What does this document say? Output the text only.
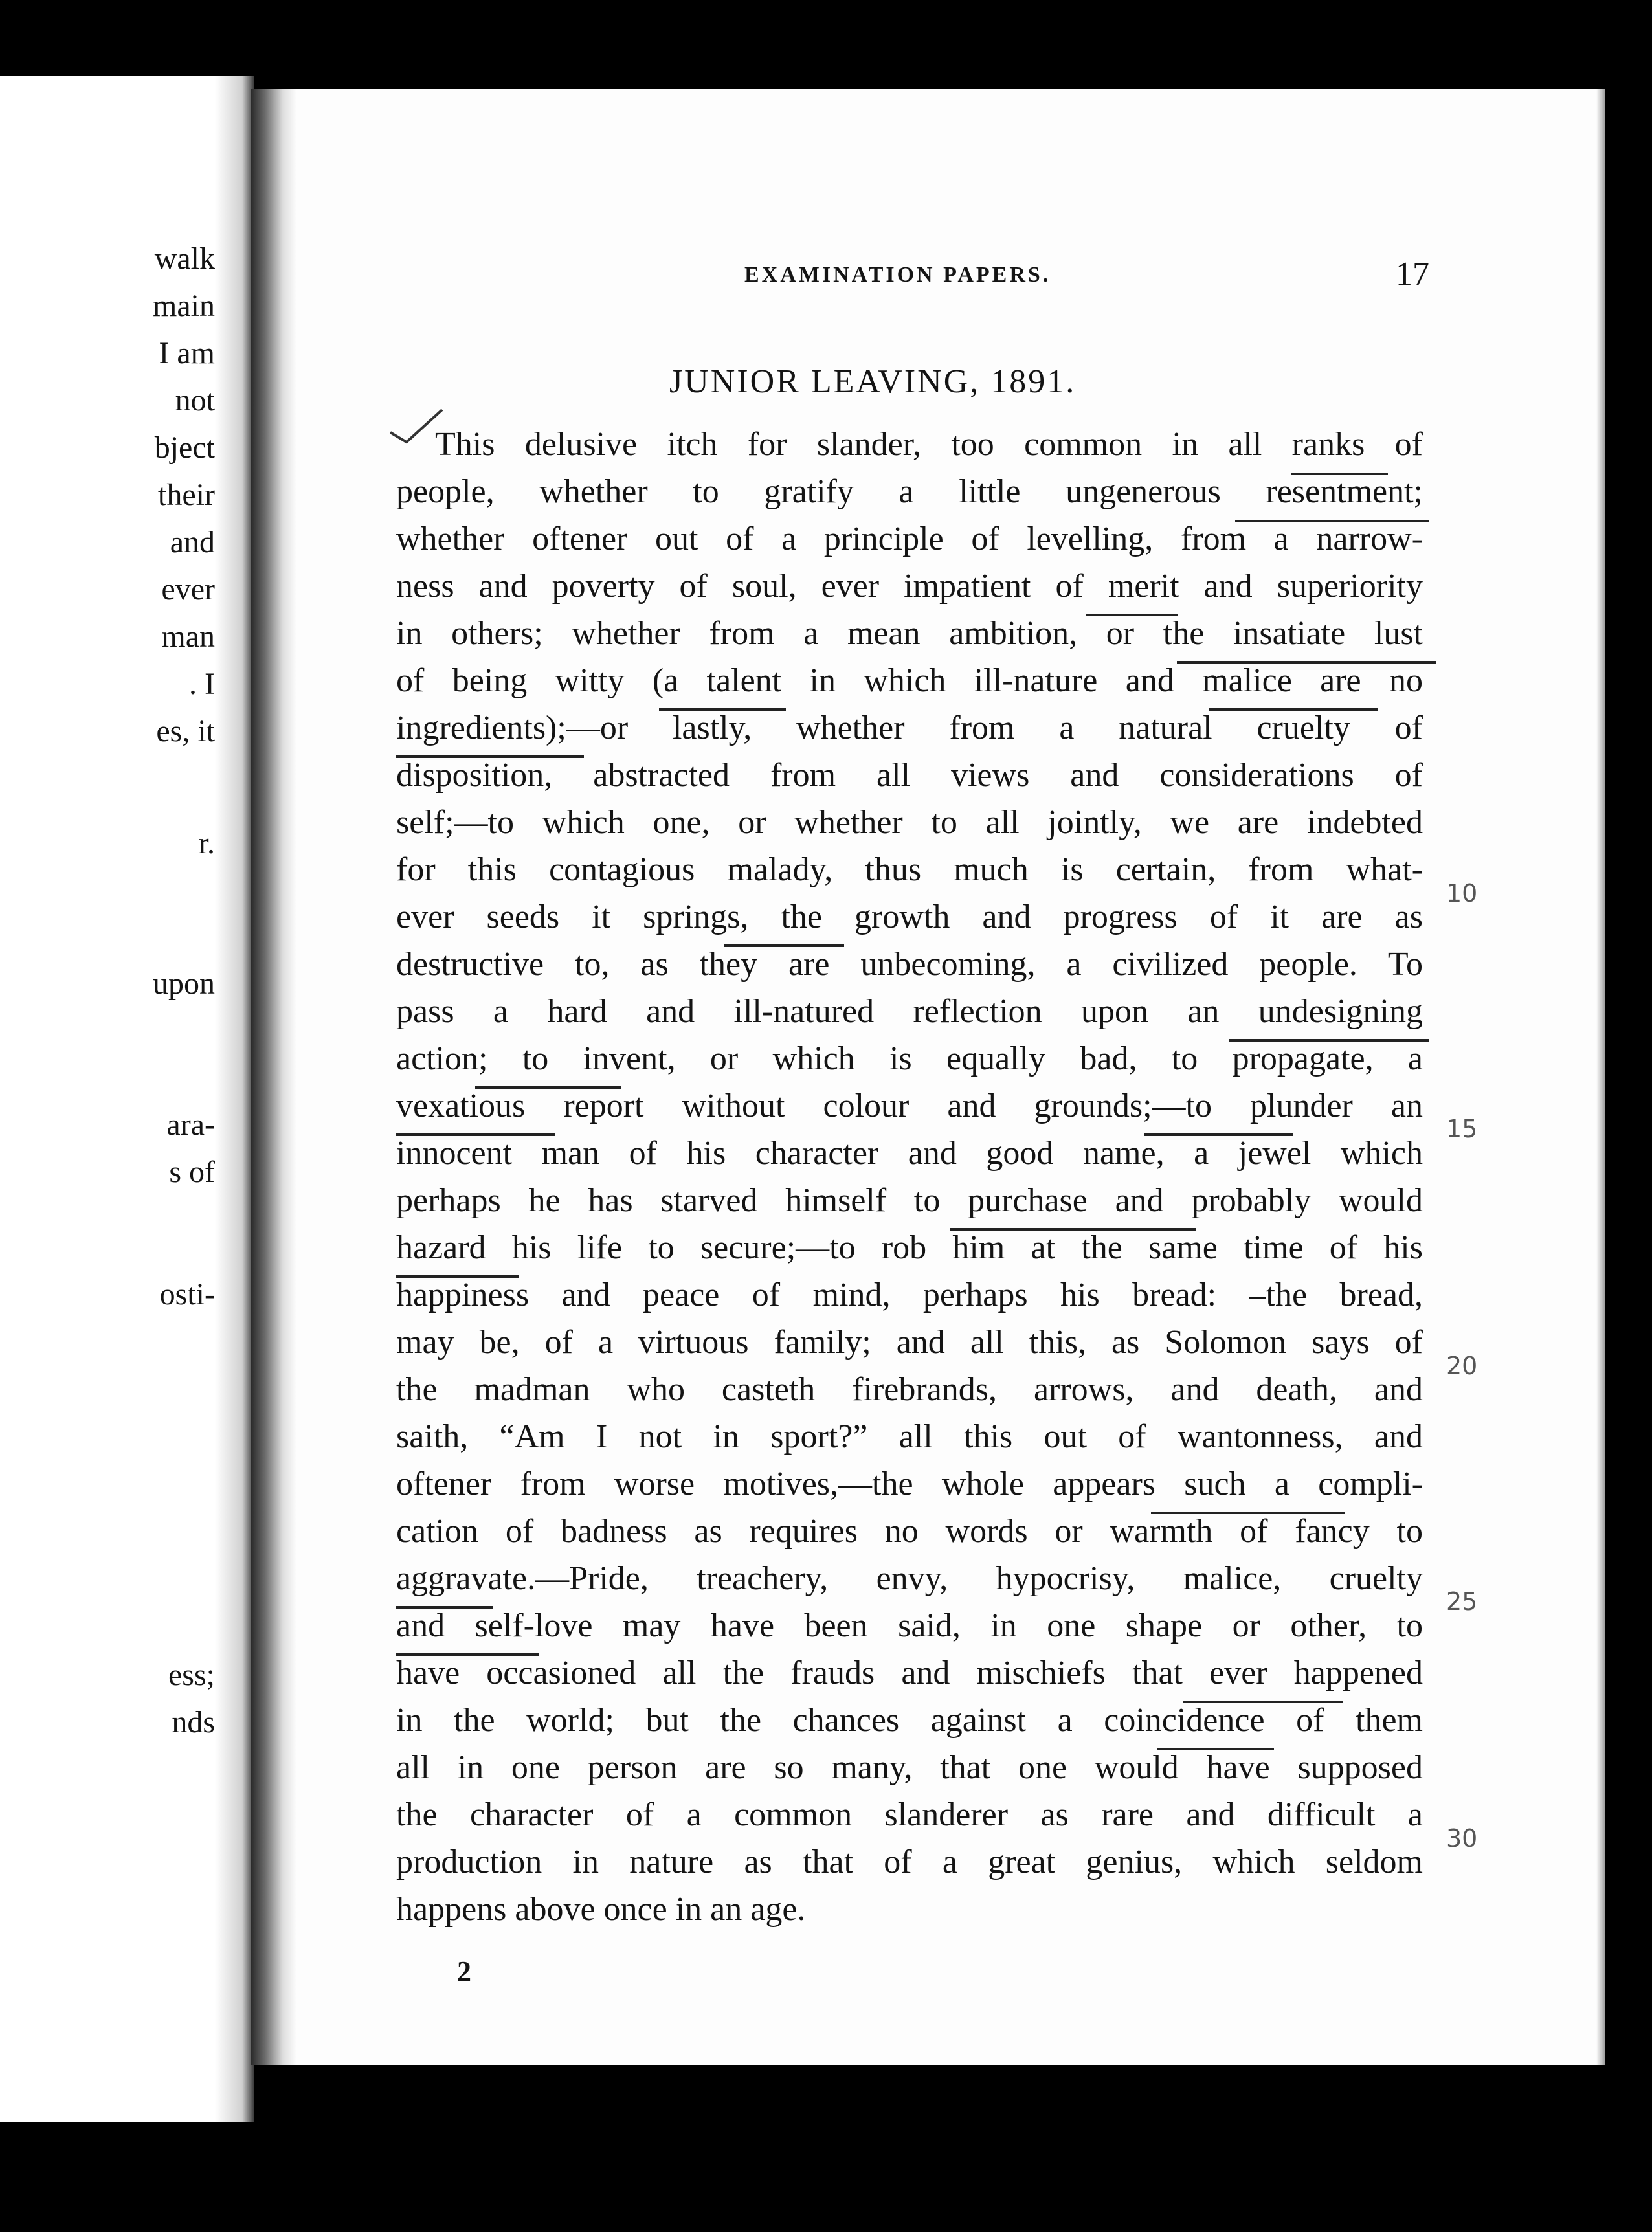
walk
main
I am
not
bject
their
and
ever
man
. I
es, it
r.
upon
ara-
s of
osti-
ess;
nds
EXAMINATION PAPERS.	17
JUNIOR LEAVING, 1891.
This delusive itch for slander, too common in all ranks of
people, whether to gratify a little ungenerous resentment;
whether oftener out of a principle of levelling, from a narrow-
ness and poverty of soul, ever impatient of merit and superiority
in others; whether from a mean ambition, or the insatiate lust
of being witty (a talent in which ill-nature and malice are no
ingredients);—or lastly, whether from a natural cruelty of
disposition, abstracted from all views and considerations of
self;—to which one, or whether to all jointly, we are indebted
for this contagious malady, thus much is certain, from what-
ever seeds it springs, the growth and progress of it are as
destructive to, as they are unbecoming, a civilized people. To
pass a hard and ill-natured reflection upon an undesigning
action; to invent, or which is equally bad, to propagate, a
vexatious report without colour and grounds;—to plunder an
innocent man of his character and good name, a jewel which
perhaps he has starved himself to purchase and probably would
hazard his life to secure;—to rob him at the same time of his
happiness and peace of mind, perhaps his bread: –the bread,
may be, of a virtuous family; and all this, as Solomon says of
the madman who casteth firebrands, arrows, and death, and
saith, “Am I not in sport?” all this out of wantonness, and
oftener from worse motives,—the whole appears such a compli-
cation of badness as requires no words or warmth of fancy to
aggravate.—Pride, treachery, envy, hypocrisy, malice, cruelty
and self-love may have been said, in one shape or other, to
have occasioned all the frauds and mischiefs that ever happened
in the world; but the chances against a coincidence of them
all in one person are so many, that one would have supposed
the character of a common slanderer as rare and difficult a
production in nature as that of a great genius, which seldom
happens above once in an age.
2
10
15
20
25
30
